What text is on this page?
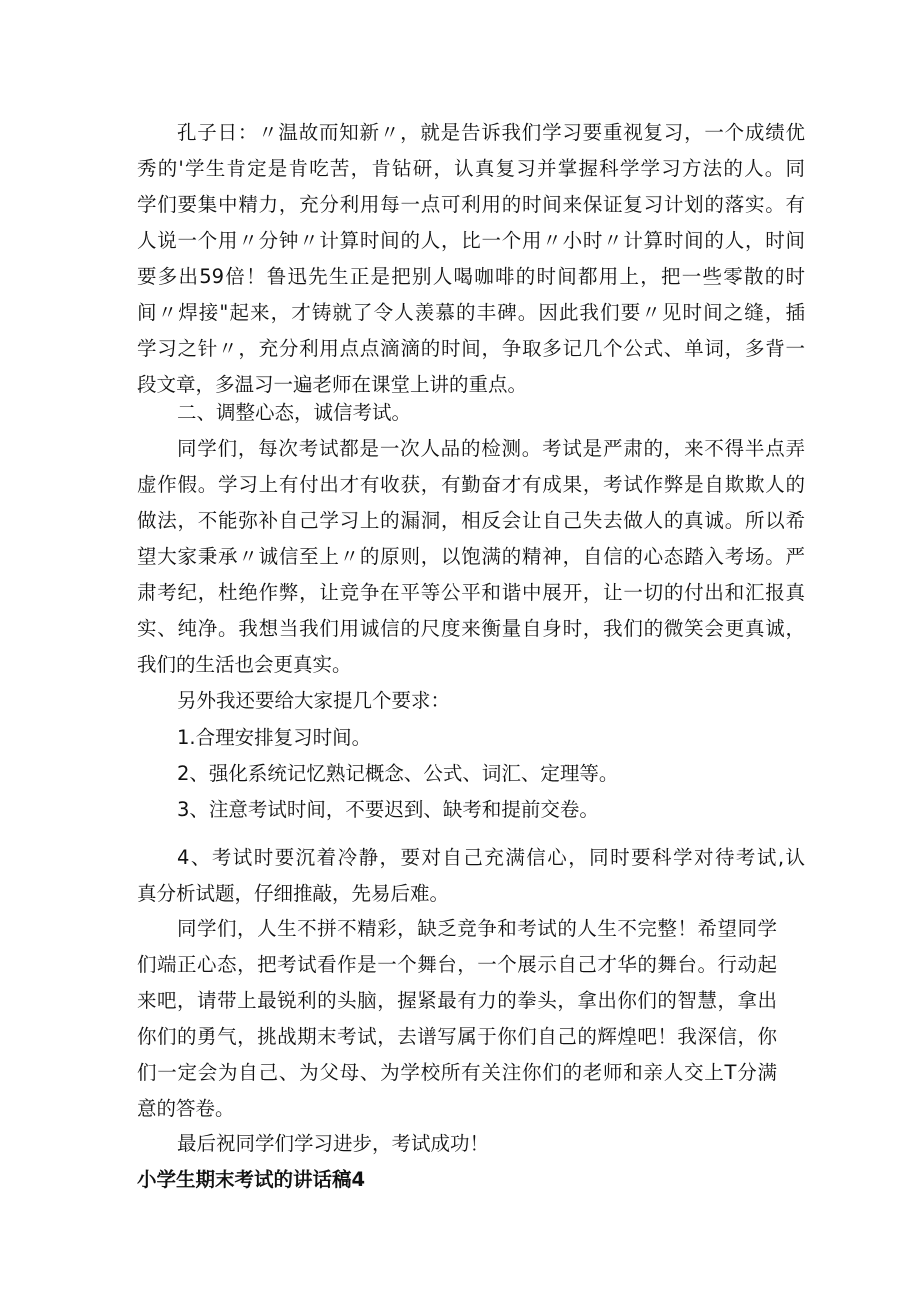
孔子日：〃温故而知新〃，就是告诉我们学习要重视复习，一个成绩优
秀的'学生肯定是肯吃苦，肯钻研，认真复习并掌握科学学习方法的人。同
学们要集中精力，充分利用每一点可利用的时间来保证复习计划的落实。有
人说一个用〃分钟〃计算时间的人，比一个用〃小时〃计算时间的人，时间
要多出59倍！鲁迅先生正是把别人喝咖啡的时间都用上，把一些零散的时
间〃焊接"起来，才铸就了令人羡慕的丰碑。因此我们要〃见时间之缝，插
学习之针〃，充分利用点点滴滴的时间，争取多记几个公式、单词，多背一
段文章，多温习一遍老师在课堂上讲的重点。
二、调整心态，诚信考试。
同学们，每次考试都是一次人品的检测。考试是严肃的，来不得半点弄
虚作假。学习上有付出才有收获，有勤奋才有成果，考试作弊是自欺欺人的
做法，不能弥补自己学习上的漏洞，相反会让自己失去做人的真诚。所以希
望大家秉承〃诚信至上〃的原则，以饱满的精神，自信的心态踏入考场。严
肃考纪，杜绝作弊，让竞争在平等公平和谐中展开，让一切的付出和汇报真
实、纯净。我想当我们用诚信的尺度来衡量自身时，我们的微笑会更真诚，
我们的生活也会更真实。
另外我还要给大家提几个要求：
1.合理安排复习时间。
2、强化系统记忆熟记概念、公式、词汇、定理等。
3、注意考试时间，不要迟到、缺考和提前交卷。
4、考试时要沉着冷静，要对自己充满信心，同时要科学对待考试,认
真分析试题，仔细推敲，先易后难。
同学们，人生不拼不精彩，缺乏竞争和考试的人生不完整！希望同学
们端正心态，把考试看作是一个舞台，一个展示自己才华的舞台。行动起
来吧，请带上最锐利的头脑，握紧最有力的拳头，拿出你们的智慧，拿出
你们的勇气，挑战期末考试，去谱写属于你们自己的辉煌吧！我深信，你
们一定会为自己、为父母、为学校所有关注你们的老师和亲人交上T分满
意的答卷。
最后祝同学们学习进步，考试成功！
小学生期末考试的讲话稿4
